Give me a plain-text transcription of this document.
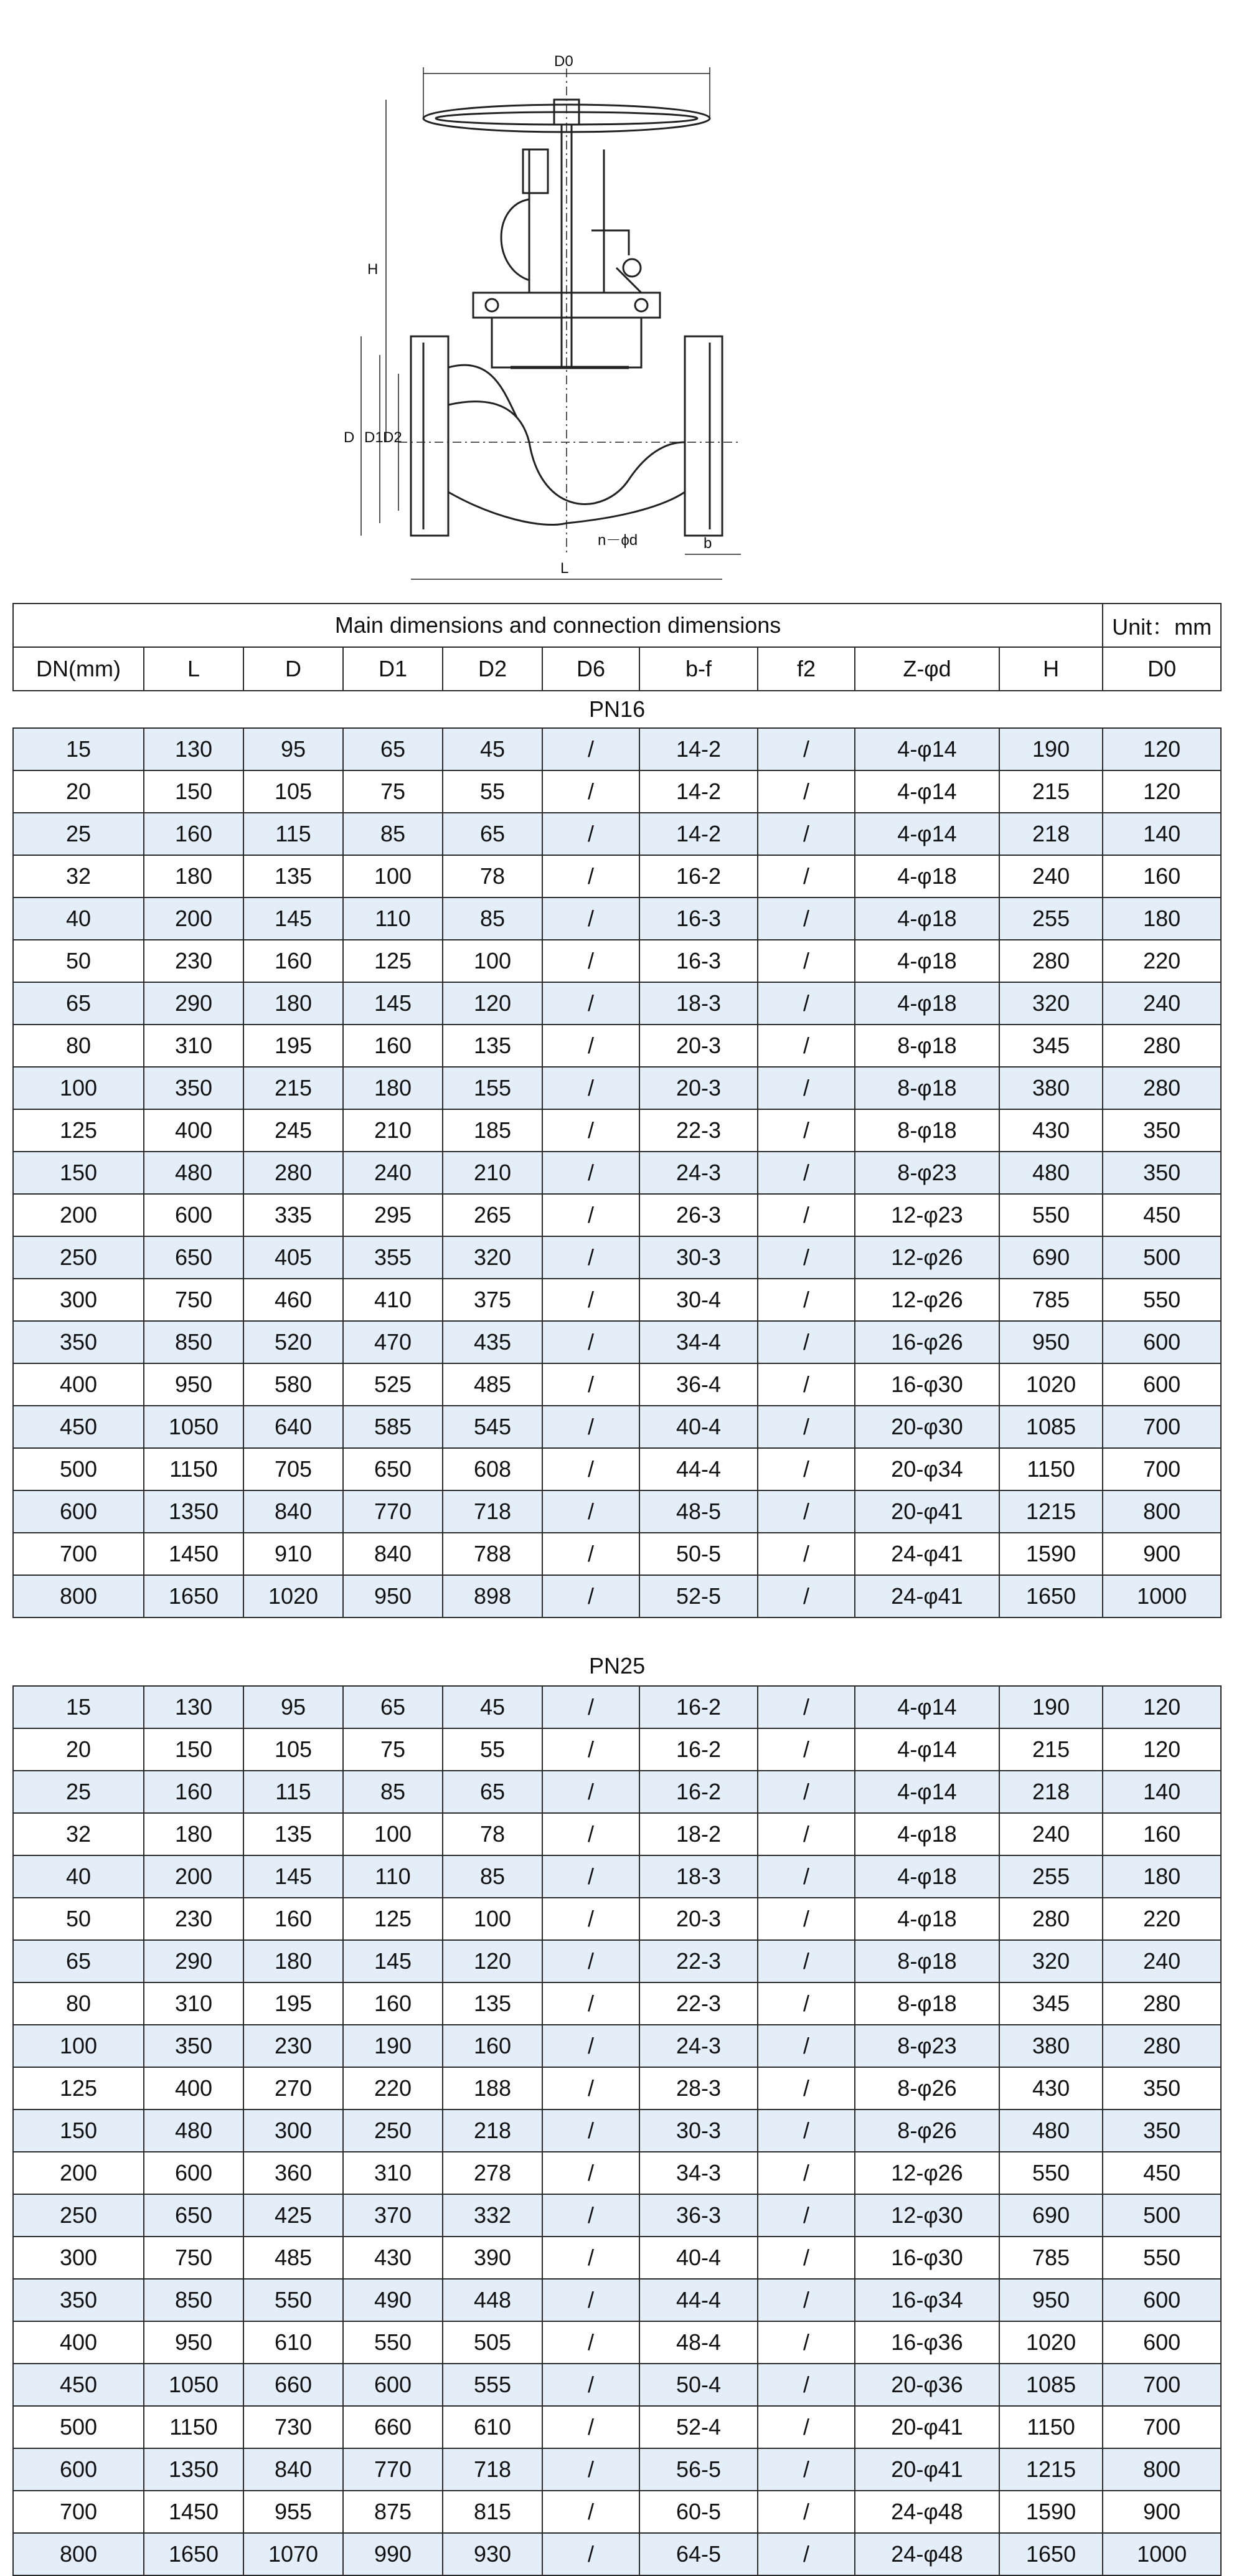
D0
H
D D1 D2
n－ϕd	b
L
Main dimensions and connection dimensions										Unit：mm
DN(mm)	L	D	D1	D2	D6	b-f	f2	Z-φd	H	D0
PN16										
15	130	95	65	45	/	14-2	/	4-φ14	190	120
20	150	105	75	55	/	14-2	/	4-φ14	215	120
25	160	115	85	65	/	14-2	/	4-φ14	218	140
32	180	135	100	78	/	16-2	/	4-φ18	240	160
40	200	145	110	85	/	16-3	/	4-φ18	255	180
50	230	160	125	100	/	16-3	/	4-φ18	280	220
65	290	180	145	120	/	18-3	/	4-φ18	320	240
80	310	195	160	135	/	20-3	/	8-φ18	345	280
100	350	215	180	155	/	20-3	/	8-φ18	380	280
125	400	245	210	185	/	22-3	/	8-φ18	430	350
150	480	280	240	210	/	24-3	/	8-φ23	480	350
200	600	335	295	265	/	26-3	/	12-φ23	550	450
250	650	405	355	320	/	30-3	/	12-φ26	690	500
300	750	460	410	375	/	30-4	/	12-φ26	785	550
350	850	520	470	435	/	34-4	/	16-φ26	950	600
400	950	580	525	485	/	36-4	/	16-φ30	1020	600
450	1050	640	585	545	/	40-4	/	20-φ30	1085	700
500	1150	705	650	608	/	44-4	/	20-φ34	1150	700
600	1350	840	770	718	/	48-5	/	20-φ41	1215	800
700	1450	910	840	788	/	50-5	/	24-φ41	1590	900
800	1650	1020	950	898	/	52-5	/	24-φ41	1650	1000
PN25										
15	130	95	65	45	/	16-2	/	4-φ14	190	120
20	150	105	75	55	/	16-2	/	4-φ14	215	120
25	160	115	85	65	/	16-2	/	4-φ14	218	140
32	180	135	100	78	/	18-2	/	4-φ18	240	160
40	200	145	110	85	/	18-3	/	4-φ18	255	180
50	230	160	125	100	/	20-3	/	4-φ18	280	220
65	290	180	145	120	/	22-3	/	8-φ18	320	240
80	310	195	160	135	/	22-3	/	8-φ18	345	280
100	350	230	190	160	/	24-3	/	8-φ23	380	280
125	400	270	220	188	/	28-3	/	8-φ26	430	350
150	480	300	250	218	/	30-3	/	8-φ26	480	350
200	600	360	310	278	/	34-3	/	12-φ26	550	450
250	650	425	370	332	/	36-3	/	12-φ30	690	500
300	750	485	430	390	/	40-4	/	16-φ30	785	550
350	850	550	490	448	/	44-4	/	16-φ34	950	600
400	950	610	550	505	/	48-4	/	16-φ36	1020	600
450	1050	660	600	555	/	50-4	/	20-φ36	1085	700
500	1150	730	660	610	/	52-4	/	20-φ41	1150	700
600	1350	840	770	718	/	56-5	/	20-φ41	1215	800
700	1450	955	875	815	/	60-5	/	24-φ48	1590	900
800	1650	1070	990	930	/	64-5	/	24-φ48	1650	1000
